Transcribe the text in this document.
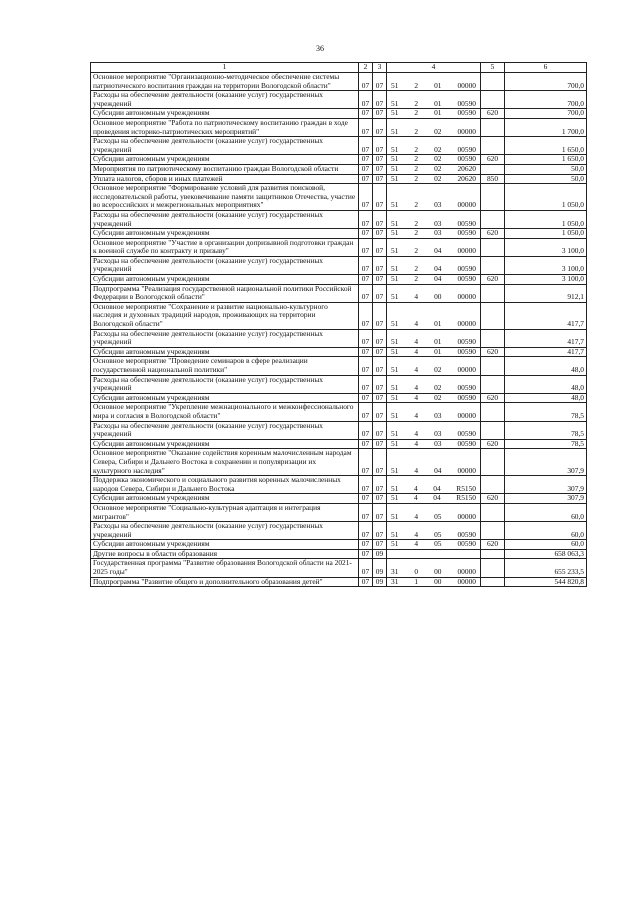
36
1	2	3	4	5	6
Основное мероприятие "Организационно-методическое обеспечение системы патриотического воспитания граждан на территории Вологодской области"	07	07	51 2 01 00000		700,0
Расходы на обеспечение деятельности (оказание услуг) государственных учреждений	07	07	51 2 01 00590		700,0
Субсидии автономным учреждениям	07	07	51 2 01 00590	620	700,0
Основное мероприятие "Работа по патриотическому воспитанию граждан в ходе проведения историко-патриотических мероприятий"	07	07	51 2 02 00000		1 700,0
Расходы на обеспечение деятельности (оказание услуг) государственных учреждений	07	07	51 2 02 00590		1 650,0
Субсидии автономным учреждениям	07	07	51 2 02 00590	620	1 650,0
Мероприятия по патриотическому воспитанию граждан Вологодской области	07	07	51 2 02 20620		50,0
Уплата налогов, сборов и иных платежей	07	07	51 2 02 20620	850	50,0
Основное мероприятие "Формирование условий для развития поисковой, исследовательской работы, увековечивание памяти защитников Отечества, участие во всероссийских и межрегиональных мероприятиях"	07	07	51 2 03 00000		1 050,0
Расходы на обеспечение деятельности (оказание услуг) государственных учреждений	07	07	51 2 03 00590		1 050,0
Субсидии автономным учреждениям	07	07	51 2 03 00590	620	1 050,0
Основное мероприятие "Участие в организации допризывной подготовки граждан к военной службе по контракту и призыву"	07	07	51 2 04 00000		3 100,0
Расходы на обеспечение деятельности (оказание услуг) государственных учреждений	07	07	51 2 04 00590		3 100,0
Субсидии автономным учреждениям	07	07	51 2 04 00590	620	3 100,0
Подпрограмма "Реализация государственной национальной политики Российской Федерации в Вологодской области"	07	07	51 4 00 00000		912,1
Основное мероприятие "Сохранение и развитие национально-культурного наследия и духовных традиций народов, проживающих на территории Вологодской области"	07	07	51 4 01 00000		417,7
Расходы на обеспечение деятельности (оказание услуг) государственных учреждений	07	07	51 4 01 00590		417,7
Субсидии автономным учреждениям	07	07	51 4 01 00590	620	417,7
Основное мероприятие "Проведение семинаров в сфере реализации государственной национальной политики"	07	07	51 4 02 00000		48,0
Расходы на обеспечение деятельности (оказание услуг) государственных учреждений	07	07	51 4 02 00590		48,0
Субсидии автономным учреждениям	07	07	51 4 02 00590	620	48,0
Основное мероприятие "Укрепление межнационального и межконфессионального мира и согласия в Вологодской области"	07	07	51 4 03 00000		78,5
Расходы на обеспечение деятельности (оказание услуг) государственных учреждений	07	07	51 4 03 00590		78,5
Субсидии автономным учреждениям	07	07	51 4 03 00590	620	78,5
Основное мероприятие "Оказание содействия коренным малочисленным народам Севера, Сибири и Дальнего Востока в сохранении и популяризации их культурного наследия"	07	07	51 4 04 00000		307,9
Поддержка экономического и социального развития коренных малочисленных народов Севера, Сибири и Дальнего Востока	07	07	51 4 04 R5150		307,9
Субсидии автономным учреждениям	07	07	51 4 04 R5150	620	307,9
Основное мероприятие "Социально-культурная адаптация и интеграция мигрантов"	07	07	51 4 05 00000		60,0
Расходы на обеспечение деятельности (оказание услуг) государственных учреждений	07	07	51 4 05 00590		60,0
Субсидии автономным учреждениям	07	07	51 4 05 00590	620	60,0
Другие вопросы в области образования	07	09			658 063,3
Государственная программа "Развитие образования Вологодской области на 2021-2025 годы"	07	09	31 0 00 00000		655 233,5
Подпрограмма "Развитие общего и дополнительного образования детей"	07	09	31 1 00 00000		544 820,8
